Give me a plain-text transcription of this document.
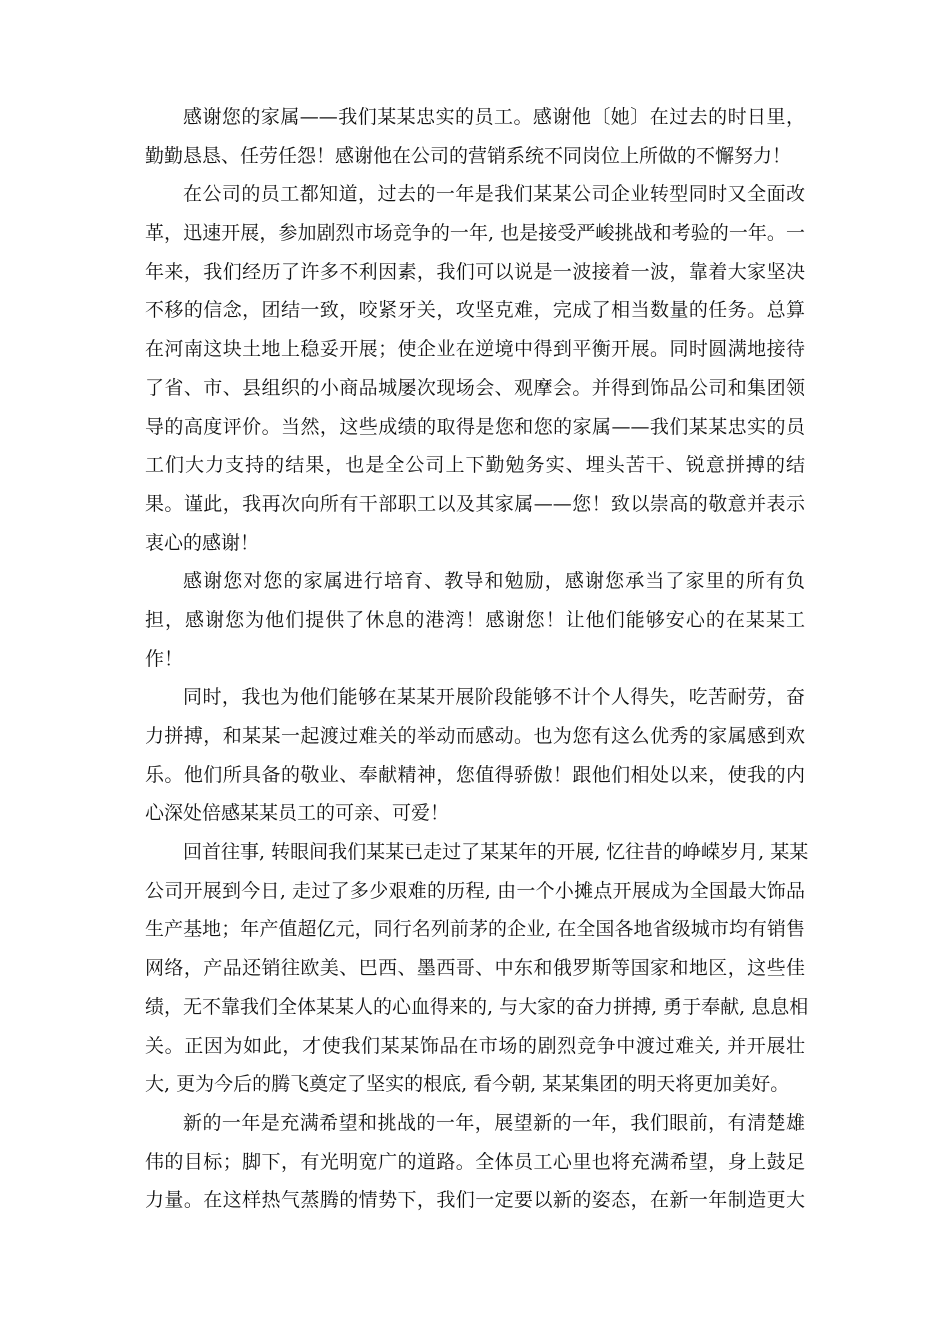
感谢您的家属——我们某某忠实的员工。感谢他〔她〕在过去的时日里，
勤勤恳恳、任劳任怨！感谢他在公司的营销系统不同岗位上所做的不懈努力！
在公司的员工都知道，过去的一年是我们某某公司企业转型同时又全面改
革，迅速开展，参加剧烈市场竞争的一年, 也是接受严峻挑战和考验的一年。一
年来，我们经历了许多不利因素，我们可以说是一波接着一波，靠着大家坚决
不移的信念，团结一致，咬紧牙关，攻坚克难，完成了相当数量的任务。总算
在河南这块土地上稳妥开展；使企业在逆境中得到平衡开展。同时圆满地接待
了省、市、县组织的小商品城屡次现场会、观摩会。并得到饰品公司和集团领
导的高度评价。当然，这些成绩的取得是您和您的家属——我们某某忠实的员
工们大力支持的结果，也是全公司上下勤勉务实、埋头苦干、锐意拼搏的结
果。谨此，我再次向所有干部职工以及其家属——您！致以崇高的敬意并表示
衷心的感谢！
感谢您对您的家属进行培育、教导和勉励，感谢您承当了家里的所有负
担，感谢您为他们提供了休息的港湾！感谢您！让他们能够安心的在某某工
作！
同时，我也为他们能够在某某开展阶段能够不计个人得失，吃苦耐劳，奋
力拼搏，和某某一起渡过难关的举动而感动。也为您有这么优秀的家属感到欢
乐。他们所具备的敬业、奉献精神，您值得骄傲！跟他们相处以来，使我的内
心深处倍感某某员工的可亲、可爱！
回首往事, 转眼间我们某某已走过了某某年的开展, 忆往昔的峥嵘岁月, 某某
公司开展到今日, 走过了多少艰难的历程, 由一个小摊点开展成为全国最大饰品
生产基地；年产值超亿元，同行名列前茅的企业, 在全国各地省级城市均有销售
网络，产品还销往欧美、巴西、墨西哥、中东和俄罗斯等国家和地区，这些佳
绩，无不靠我们全体某某人的心血得来的, 与大家的奋力拼搏, 勇于奉献, 息息相
关。正因为如此，才使我们某某饰品在市场的剧烈竞争中渡过难关, 并开展壮
大, 更为今后的腾飞奠定了坚实的根底, 看今朝, 某某集团的明天将更加美好。
新的一年是充满希望和挑战的一年，展望新的一年，我们眼前，有清楚雄
伟的目标；脚下，有光明宽广的道路。全体员工心里也将充满希望，身上鼓足
力量。在这样热气蒸腾的情势下，我们一定要以新的姿态，在新一年制造更大
